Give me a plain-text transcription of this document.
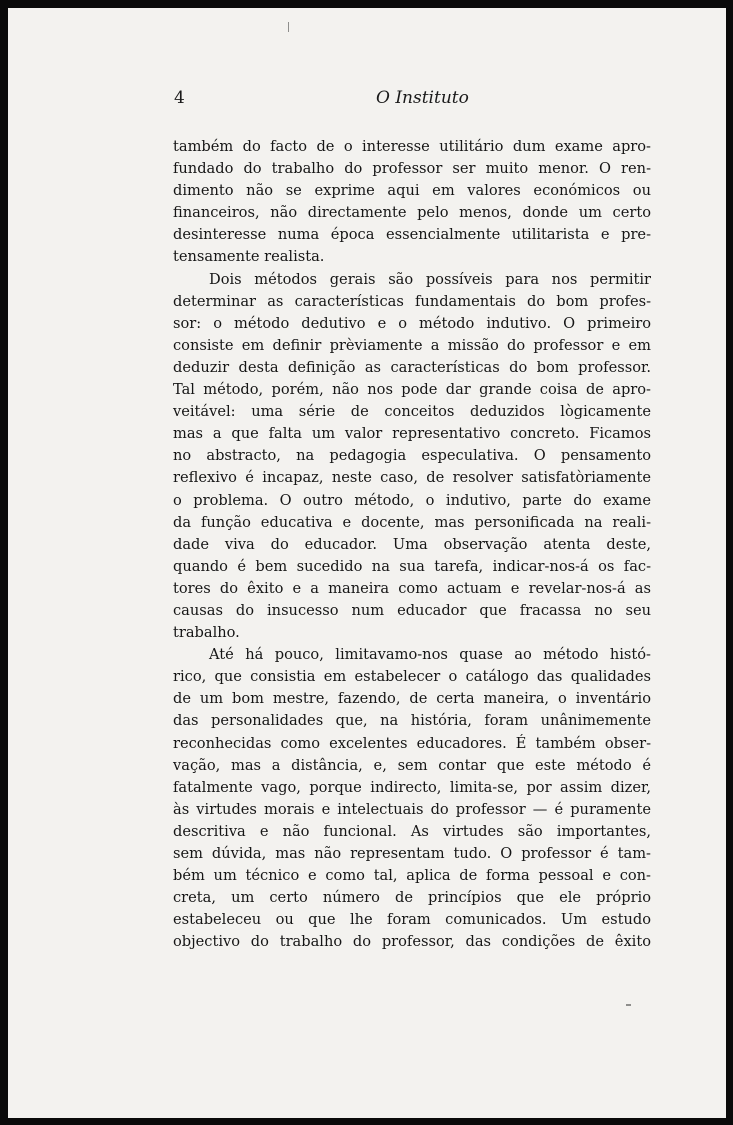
4	O Instituto
também do facto de o interesse utilitário dum exame apro-
fundado do trabalho do professor ser muito menor. O ren-
dimento não se exprime aqui em valores económicos ou
financeiros, não directamente pelo menos, donde um certo
desinteresse numa época essencialmente utilitarista e pre-
tensamente realista.
Dois métodos gerais são possíveis para nos permitir
determinar as características fundamentais do bom profes-
sor: o método dedutivo e o método indutivo. O primeiro
consiste em definir prèviamente a missão do professor e em
deduzir desta definição as características do bom professor.
Tal método, porém, não nos pode dar grande coisa de apro-
veitável: uma série de conceitos deduzidos lògicamente
mas a que falta um valor representativo concreto. Ficamos
no abstracto, na pedagogia especulativa. O pensamento
reflexivo é incapaz, neste caso, de resolver satisfatòriamente
o problema. O outro método, o indutivo, parte do exame
da função educativa e docente, mas personificada na reali-
dade viva do educador. Uma observação atenta deste,
quando é bem sucedido na sua tarefa, indicar-nos-á os fac-
tores do êxito e a maneira como actuam e revelar-nos-á as
causas do insucesso num educador que fracassa no seu
trabalho.
Até há pouco, limitavamo-nos quase ao método histó-
rico, que consistia em estabelecer o catálogo das qualidades
de um bom mestre, fazendo, de certa maneira, o inventário
das personalidades que, na história, foram unânimemente
reconhecidas como excelentes educadores. É também obser-
vação, mas a distância, e, sem contar que este método é
fatalmente vago, porque indirecto, limita-se, por assim dizer,
às virtudes morais e intelectuais do professor — é puramente
descritiva e não funcional. As virtudes são importantes,
sem dúvida, mas não representam tudo. O professor é tam-
bém um técnico e como tal, aplica de forma pessoal e con-
creta, um certo número de princípios que ele próprio
estabeleceu ou que lhe foram comunicados. Um estudo
objectivo do trabalho do professor, das condições de êxito
